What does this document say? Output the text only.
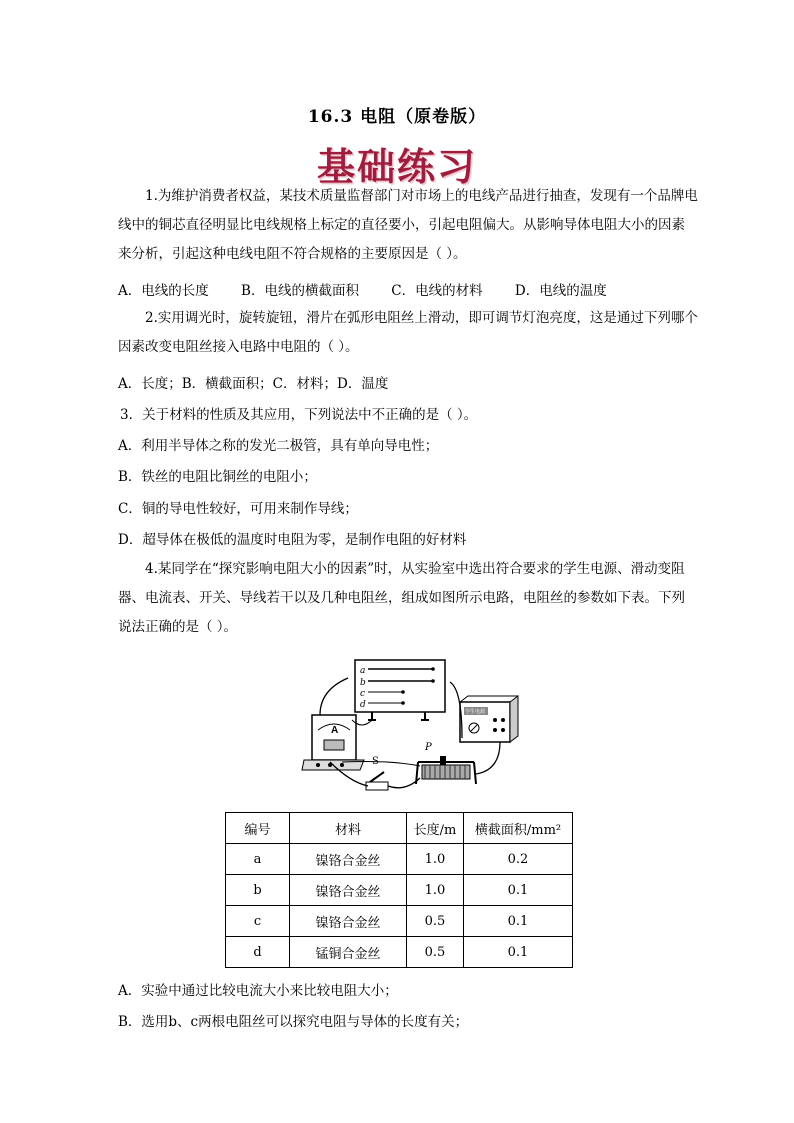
16.3 电阻（原卷版）
基础练习
1.为维护消费者权益，某技术质量监督部门对市场上的电线产品进行抽查，发现有一个品牌电线中的铜芯直径明显比电线规格上标定的直径要小，引起电阻偏大。从影响导体电阻大小的因素来分析，引起这种电线电阻不符合规格的主要原因是（ ）。
A．电线的长度 B．电线的横截面积 C．电线的材料 D．电线的温度
2.实用调光时，旋转旋钮，滑片在弧形电阻丝上滑动，即可调节灯泡亮度，这是通过下列哪个因素改变电阻丝接入电路中电阻的（ ）。
A．长度；B．横截面积；C．材料；D．温度
3．关于材料的性质及其应用，下列说法中不正确的是（ ）。
A．利用半导体之称的发光二极管，具有单向导电性；
B．铁丝的电阻比铜丝的电阻小；
C．铜的导电性较好，可用来制作导线；
D．超导体在极低的温度时电阻为零，是制作电阻的好材料
4.某同学在“探究影响电阻大小的因素”时，从实验室中选出符合要求的学生电源、滑动变阻器、电流表、开关、导线若干以及几种电阻丝，组成如图所示电路，电阻丝的参数如下表。下列说法正确的是（ ）。
a
b
c
d
A
学生电源
P
S
编号	材料	长度/m	横截面积/mm²
a	镍铬合金丝	1.0	0.2
b	镍铬合金丝	1.0	0.1
c	镍铬合金丝	0.5	0.1
d	锰铜合金丝	0.5	0.1
A．实验中通过比较电流大小来比较电阻大小；
B．选用b、c两根电阻丝可以探究电阻与导体的长度有关；
